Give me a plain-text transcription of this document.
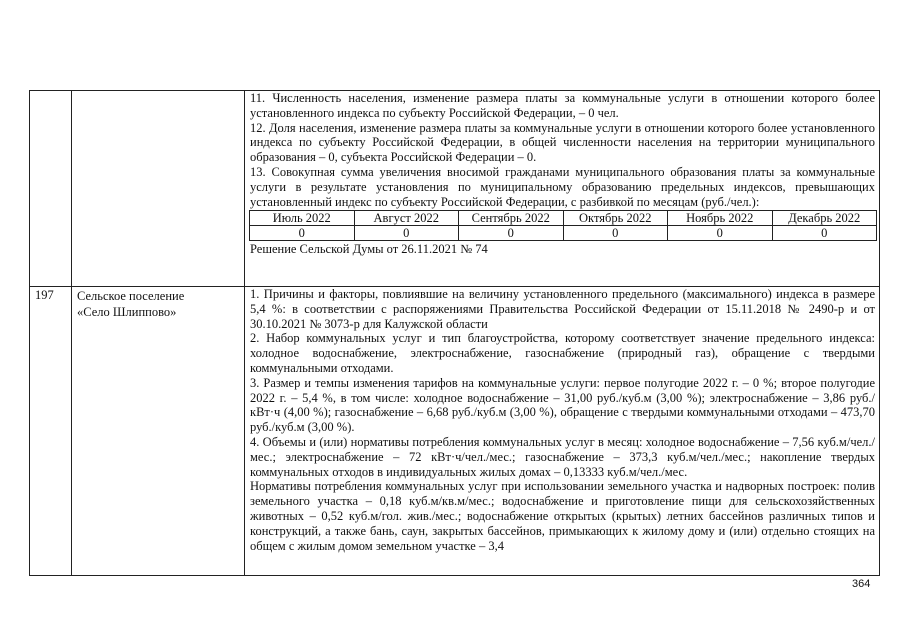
11. Численность населения, изменение размера платы за коммунальные услуги в отношении которого более установленного индекса по субъекту Российской Федерации, – 0 чел.

12. Доля населения, изменение размера платы за коммунальные услуги в отношении которого более установленного индекса по субъекту Российской Федерации, в общей численности населения на территории муниципального образования – 0, субъекта Российской Федерации – 0.

13. Совокупная сумма увеличения вносимой гражданами муниципального образования платы за коммунальные услуги в результате установления по муниципальному образованию предельных индексов, превышающих установленный индекс по субъекту Российской Федерации, с разбивкой по месяцам (руб./чел.):

Июль 2022	Август 2022	Сентябрь 2022	Октябрь 2022	Ноябрь 2022	Декабрь 2022
0	0	0	0	0	0
Решение Сельской Думы от 26.11.2021 № 74

197	Сельское поселение
«Село Шлиппово»

1. Причины и факторы, повлиявшие на величину установленного предельного (максимального) индекса в размере 5,4 %: в соответствии с распоряжениями Правительства Российской Федерации от 15.11.2018 № 2490-р и от 30.10.2021 № 3073-р для Калужской области

2. Набор коммунальных услуг и тип благоустройства, которому соответствует значение предельного индекса: холодное водоснабжение, электроснабжение, газоснабжение (природный газ), обращение с твердыми коммунальными отходами.

3. Размер и темпы изменения тарифов на коммунальные услуги: первое полугодие 2022 г. – 0 %; второе полугодие 2022 г. – 5,4 %, в том числе: холодное водоснабжение – 31,00 руб./куб.м (3,00 %); электроснабжение – 3,86 руб./кВт·ч (4,00 %); газоснабжение – 6,68 руб./куб.м (3,00 %), обращение с твердыми коммунальными отходами – 473,70 руб./куб.м (3,00 %).

4. Объемы и (или) нормативы потребления коммунальных услуг в месяц: холодное водоснабжение – 7,56 куб.м/чел./мес.; электроснабжение – 72 кВт·ч/чел./мес.; газоснабжение – 373,3 куб.м/чел./мес.; накопление твердых коммунальных отходов в индивидуальных жилых домах – 0,13333 куб.м/чел./мес.

Нормативы потребления коммунальных услуг при использовании земельного участка и надворных построек: полив земельного участка – 0,18 куб.м/кв.м/мес.; водоснабжение и приготовление пищи для сельскохозяйственных животных – 0,52 куб.м/гол. жив./мес.; водоснабжение открытых (крытых) летних бассейнов различных типов и конструкций, а также бань, саун, закрытых бассейнов, примыкающих к жилому дому и (или) отдельно стоящих на общем с жилым домом земельном участке – 3,4

364
